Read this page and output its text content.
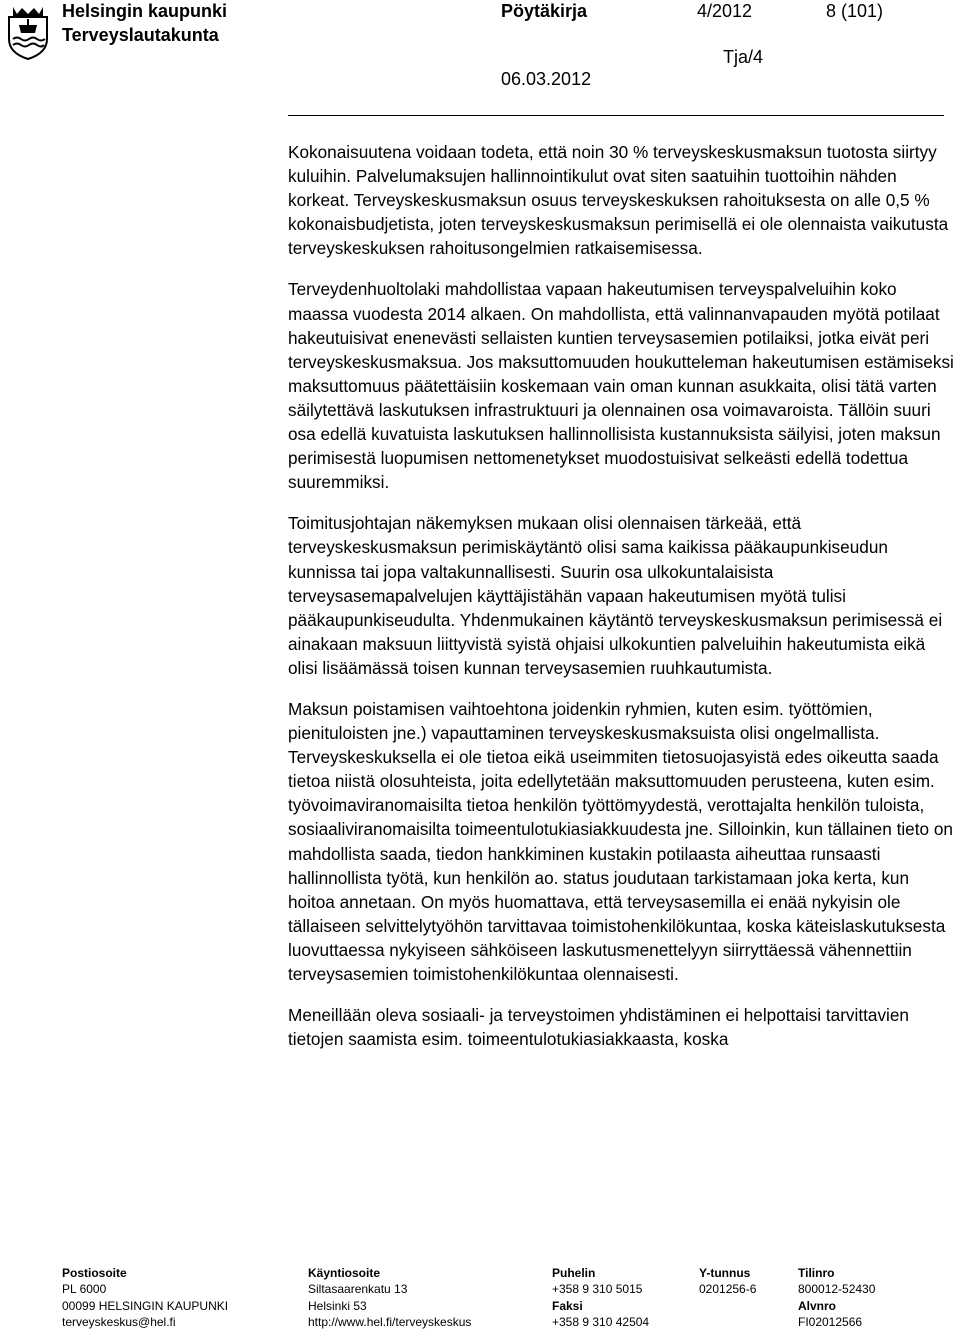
Helsingin kaupunki
Terveyslautakunta
Pöytäkirja	4/2012	8 (101)
Tja/4
06.03.2012

Kokonaisuutena voidaan todeta, että noin 30 % terveyskeskusmaksun tuotosta siirtyy kuluihin. Palvelumaksujen hallinnointikulut ovat siten saatuihin tuottoihin nähden korkeat. Terveyskeskusmaksun osuus terveyskeskuksen rahoituksesta on alle 0,5 % kokonaisbudjetista, joten terveyskeskusmaksun perimisellä ei ole olennaista vaikutusta terveyskeskuksen rahoitusongelmien ratkaisemisessa.

Terveydenhuoltolaki mahdollistaa vapaan hakeutumisen terveyspalveluihin koko maassa vuodesta 2014 alkaen. On mahdollista, että valinnanvapauden myötä potilaat hakeutuisivat enenevästi sellaisten kuntien terveysasemien potilaiksi, jotka eivät peri terveyskeskusmaksua. Jos maksuttomuuden houkutteleman hakeutumisen estämiseksi maksuttomuus päätettäisiin koskemaan vain oman kunnan asukkaita, olisi tätä varten säilytettävä laskutuksen infrastruktuuri ja olennainen osa voimavaroista. Tällöin suuri osa edellä kuvatuista laskutuksen hallinnollisista kustannuksista säilyisi, joten maksun perimisestä luopumisen nettomenetykset muodostuisivat selkeästi edellä todettua suuremmiksi.

Toimitusjohtajan näkemyksen mukaan olisi olennaisen tärkeää, että terveyskeskusmaksun perimiskäytäntö olisi sama kaikissa pääkaupunkiseudun kunnissa tai jopa valtakunnallisesti. Suurin osa ulkokuntalaisista terveysasemapalvelujen käyttäjistähän vapaan hakeutumisen myötä tulisi pääkaupunkiseudulta. Yhdenmukainen käytäntö terveyskeskusmaksun perimisessä ei ainakaan maksuun liittyvistä syistä ohjaisi ulkokuntien palveluihin hakeutumista eikä olisi lisäämässä toisen kunnan terveysasemien ruuhkautumista.

Maksun poistamisen vaihtoehtona joidenkin ryhmien, kuten esim. työttömien, pienituloisten jne.) vapauttaminen terveyskeskusmaksuista olisi ongelmallista. Terveyskeskuksella ei ole tietoa eikä useimmiten tietosuojasyistä edes oikeutta saada tietoa niistä olosuhteista, joita edellytetään maksuttomuuden perusteena, kuten esim. työvoimaviranomaisilta tietoa henkilön työttömyydestä, verottajalta henkilön tuloista, sosiaaliviranomaisilta toimeentulotukiasiakkuudesta jne. Silloinkin, kun tällainen tieto on mahdollista saada, tiedon hankkiminen kustakin potilaasta aiheuttaa runsaasti hallinnollista työtä, kun henkilön ao. status joudutaan tarkistamaan joka kerta, kun hoitoa annetaan. On myös huomattava, että terveysasemilla ei enää nykyisin ole tällaiseen selvittelytyöhön tarvittavaa toimistohenkilökuntaa, koska käteislaskutuksesta luovuttaessa nykyiseen sähköiseen laskutusmenettelyyn siirryttäessä vähennettiin terveysasemien toimistohenkilökuntaa olennaisesti.

Meneillään oleva sosiaali- ja terveystoimen yhdistäminen ei helpottaisi tarvittavien tietojen saamista esim. toimeentulotukiasiakkaasta, koska

Postiosoite
PL 6000
00099 HELSINGIN KAUPUNKI
terveyskeskus@hel.fi
Käyntiosoite
Siltasaarenkatu 13
Helsinki 53
http://www.hel.fi/terveyskeskus
Puhelin
+358 9 310 5015
Faksi
+358 9 310 42504
Y-tunnus
0201256-6
Tilinro
800012-52430
Alvnro
FI02012566
